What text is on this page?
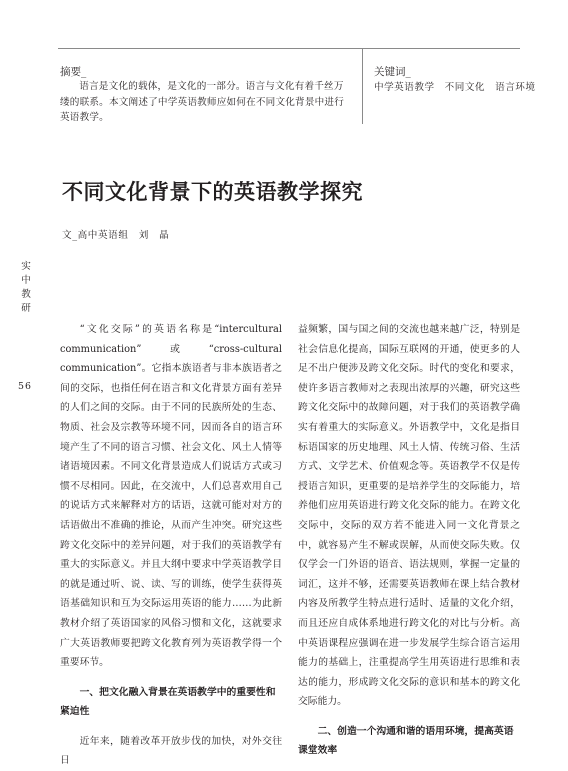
摘要_

语言是文化的载体，是文化的一部分。语言与文化有着千丝万缕的联系。本文阐述了中学英语教师应如何在不同文化背景中进行英语教学。

关键词_
中学英语教学　不同文化　语言环境
不同文化背景下的英语教学探究
文_高中英语组　刘　晶
实中教研
56

“文化交际”的英语名称是“intercultural communication”或“cross-cultural communication”。它指本族语者与非本族语者之间的交际，也指任何在语言和文化背景方面有差异的人们之间的交际。由于不同的民族所处的生态、物质、社会及宗教等环境不同，因而各自的语言环境产生了不同的语言习惯、社会文化、风土人情等诸语境因素。不同文化背景造成人们说话方式或习惯不尽相同。因此，在交流中，人们总喜欢用自己的说话方式来解释对方的话语，这就可能对对方的话语做出不准确的推论，从而产生冲突。研究这些跨文化交际中的差异问题，对于我们的英语教学有重大的实际意义。并且大纲中要求中学英语教学目的就是通过听、说、读、写的训练，使学生获得英语基础知识和互为交际运用英语的能力……为此新教材介绍了英语国家的风俗习惯和文化，这就要求广大英语教师要把跨文化教育列为英语教学得一个重要环节。

一、把文化融入背景在英语教学中的重要性和紧迫性

近年来，随着改革开放步伐的加快，对外交往日

益频繁，国与国之间的交流也越来越广泛，特别是社会信息化提高，国际互联网的开通，使更多的人足不出户便涉及跨文化交际。时代的变化和要求，使许多语言教师对之表现出浓厚的兴趣，研究这些跨文化交际中的故障问题，对于我们的英语教学确实有着重大的实际意义。外语教学中，文化是指目标语国家的历史地理、风土人情、传统习俗、生活方式、文学艺术、价值观念等。英语教学不仅是传授语言知识，更重要的是培养学生的交际能力，培养他们应用英语进行跨文化交际的能力。在跨文化交际中，交际的双方若不能进入同一文化背景之中，就容易产生不解或误解，从而使交际失败。仅仅学会一门外语的语音、语法规则，掌握一定量的词汇，这并不够，还需要英语教师在课上结合教材内容及所教学生特点进行适时、适量的文化介绍，而且还应自成体系地进行跨文化的对比与分析。高中英语课程应强调在进一步发展学生综合语言运用能力的基础上，注重提高学生用英语进行思维和表达的能力，形成跨文化交际的意识和基本的跨文化交际能力。

二、创造一个沟通和谐的语用环境，提高英语课堂效率
